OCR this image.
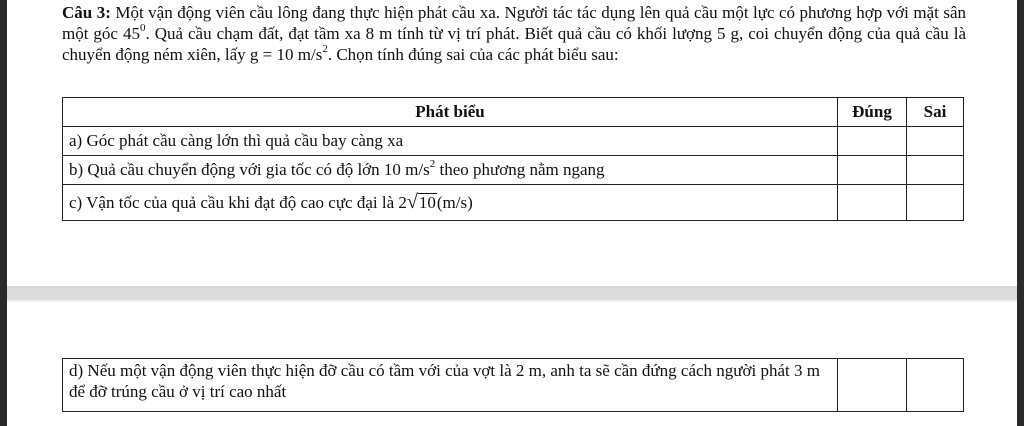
Câu 3: Một vận động viên cầu lông đang thực hiện phát cầu xa. Người tác tác dụng lên quả cầu một lực có phương hợp với mặt sân một góc $45^0$. Quả cầu chạm đất, đạt tầm xa 8 m tính từ vị trí phát. Biết quả cầu có khối lượng 5 g, coi chuyển động của quả cầu là chuyển động ném xiên, lấy g = 10 $m/s^2$. Chọn tính đúng sai của các phát biểu sau:
Phát biểu	Đúng	Sai
a) Góc phát cầu càng lớn thì quả cầu bay càng xa		
b) Quả cầu chuyển động với gia tốc có độ lớn 10 $m/s^2$ theo phương nằm ngang		
c) Vận tốc của quả cầu khi đạt độ cao cực đại là 2 √ 10 (m/s)		
d) Nếu một vận động viên thực hiện đỡ cầu có tầm với của vợt là 2 m, anh ta sẽ cần đứng cách người phát 3 m để đỡ trúng cầu ở vị trí cao nhất		
